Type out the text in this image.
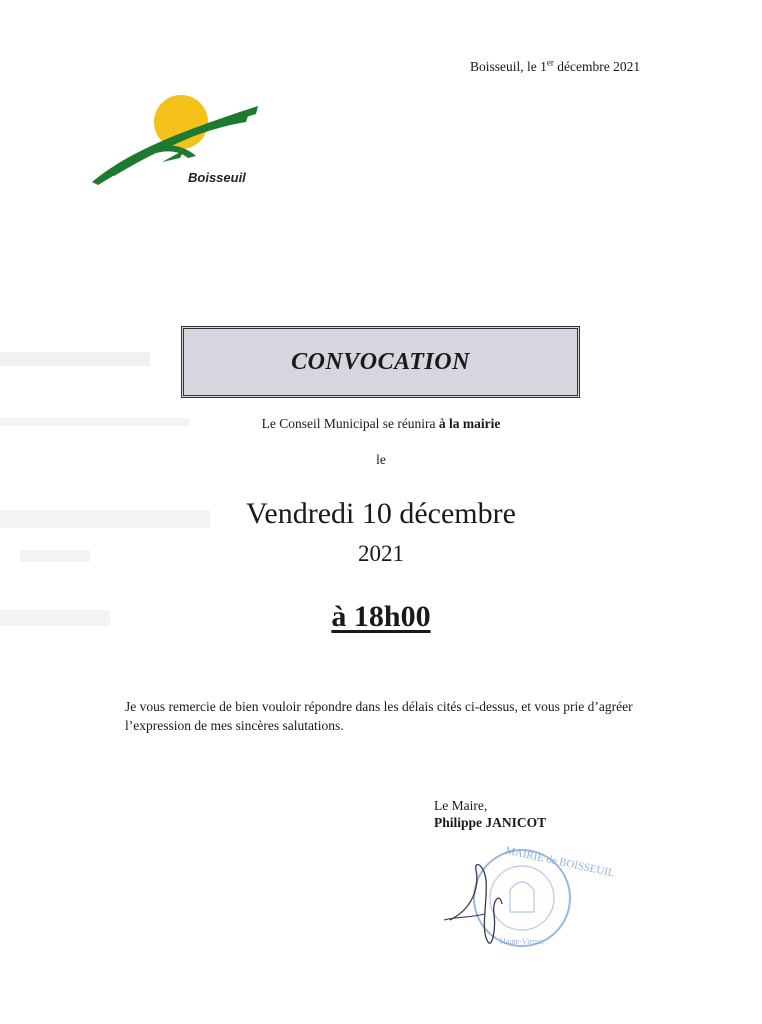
Boisseuil, le 1er décembre 2021
Boisseuil
CONVOCATION
Le Conseil Municipal se réunira à la mairie
le
Vendredi 10 décembre
2021
à 18h00
Je vous remercie de bien vouloir répondre dans les délais cités ci-dessus, et vous prie d’agréer l’expression de mes sincères salutations.
Le Maire,
Philippe JANICOT
MAIRIE de BOISSEUIL
Haute-Vienne
